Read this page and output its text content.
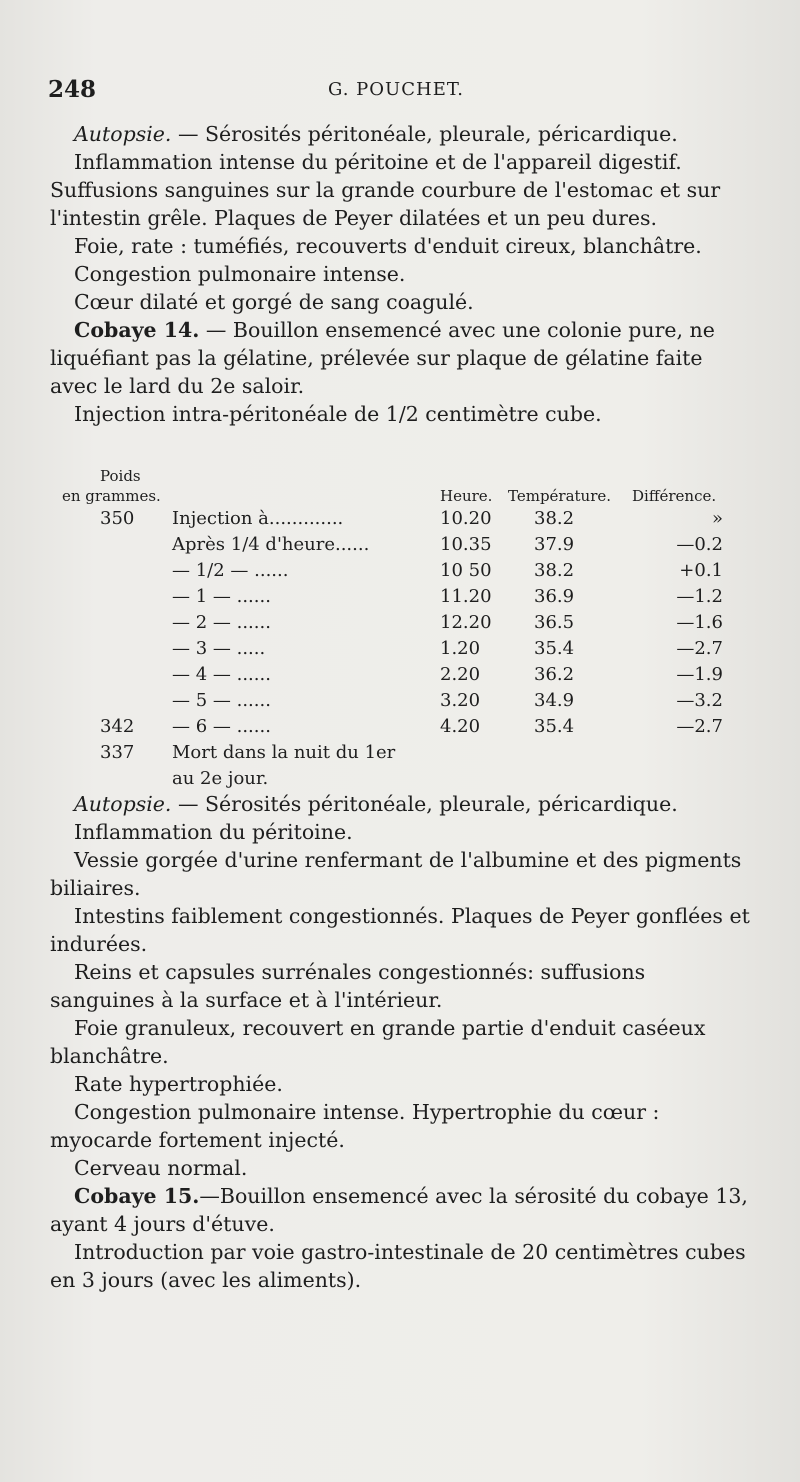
248	G. POUCHET.

Autopsie. — Sérosités péritonéale, pleurale, péricardique.

Inflammation intense du péritoine et de l'appareil digestif. Suffusions sanguines sur la grande courbure de l'estomac et sur l'intestin grêle. Plaques de Peyer dilatées et un peu dures.

Foie, rate : tuméfiés, recouverts d'enduit cireux, blanchâtre.

Congestion pulmonaire intense.

Cœur dilaté et gorgé de sang coagulé.

Cobaye 14. — Bouillon ensemencé avec une colonie pure, ne liquéfiant pas la gélatine, prélevée sur plaque de gélatine faite avec le lard du 2e saloir.

Injection intra-péritonéale de 1/2 centimètre cube.

Poids
en grammes.	Heure. Température. Différence.
350 Injection à.............	10.20 38.2	»
Après 1/4 d'heure......	10.35 37.9	—0.2
— 1/2 — ......	10 50 38.2	+0.1
— 1 — ......	11.20 36.9	—1.2
— 2 — ......	12.20 36.5	—1.6
— 3 — .....	1.20	35.4	—2.7
— 4 — ......	2.20	36.2	—1.9
— 5 — ......	3.20	34.9	—3.2
342 — 6 — ......	4.20	35.4	—2.7
337 Mort dans la nuit du 1er
au 2e jour.

Autopsie. — Sérosités péritonéale, pleurale, péricardique.

Inflammation du péritoine.

Vessie gorgée d'urine renfermant de l'albumine et des pigments biliaires.

Intestins faiblement congestionnés. Plaques de Peyer gonflées et indurées.

Reins et capsules surrénales congestionnés: suffusions sanguines à la surface et à l'intérieur.

Foie granuleux, recouvert en grande partie d'enduit caséeux blanchâtre.

Rate hypertrophiée.

Congestion pulmonaire intense. Hypertrophie du cœur : myocarde fortement injecté.

Cerveau normal.

Cobaye 15.—Bouillon ensemencé avec la sérosité du cobaye 13, ayant 4 jours d'étuve.

Introduction par voie gastro-intestinale de 20 centimètres cubes en 3 jours (avec les aliments).
